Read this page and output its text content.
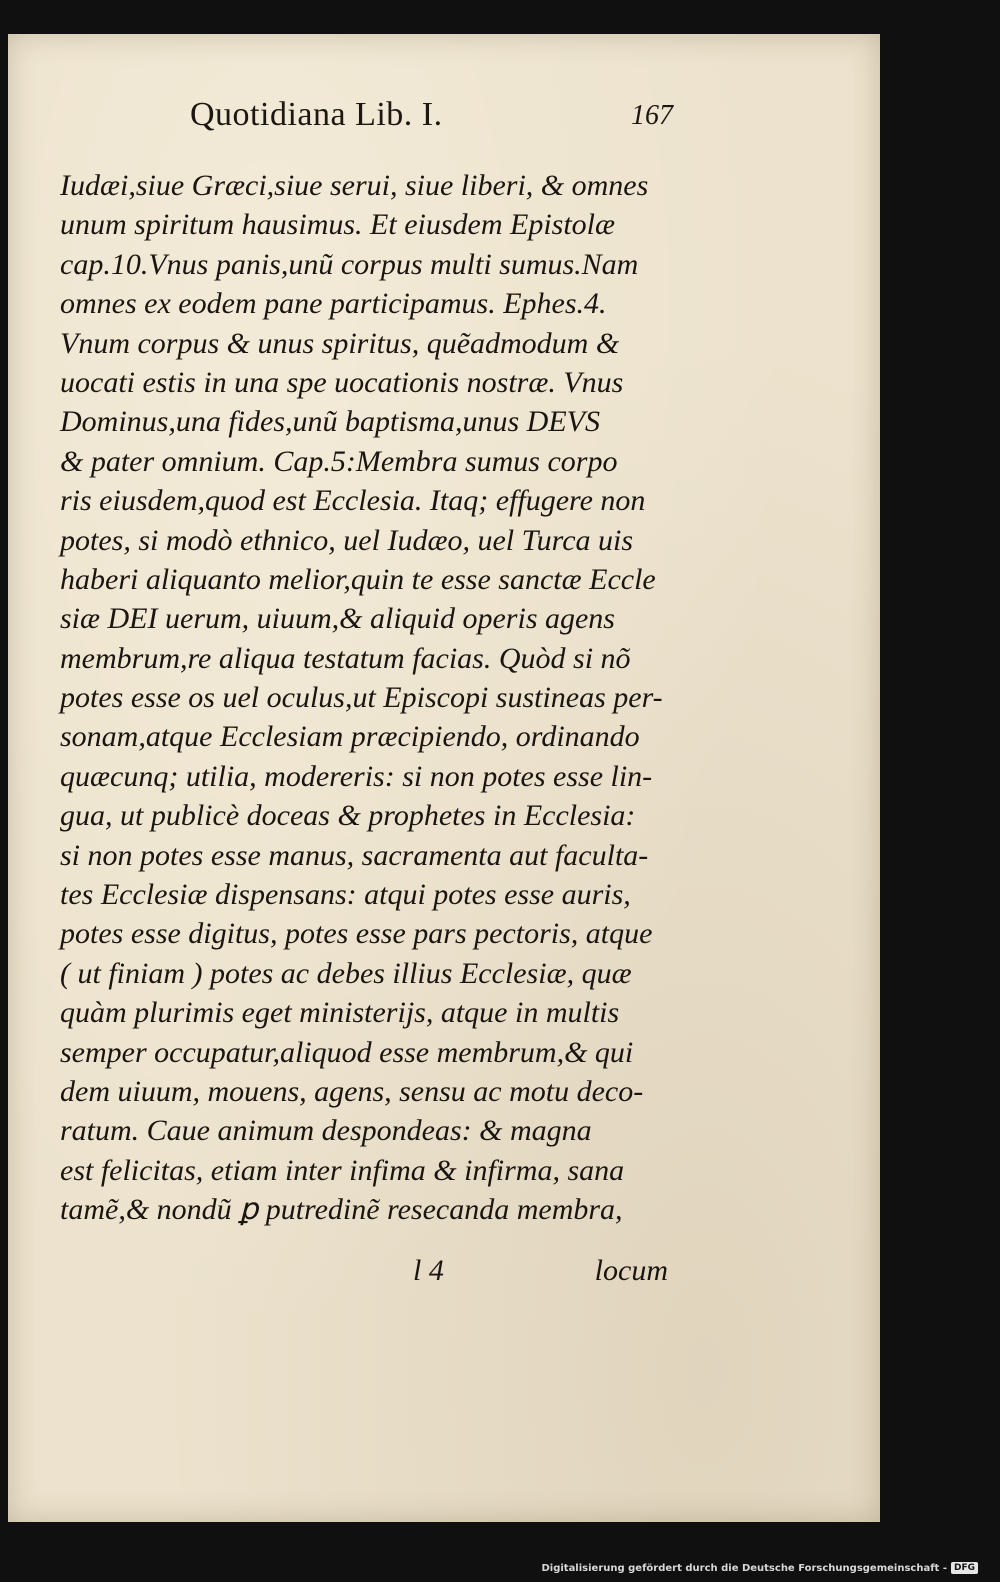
Quotidiana Lib. I.	167
Iudæi,siue Græci,siue serui, siue liberi, & omnes
unum spiritum hausimus. Et eiusdem Epistolæ
cap.10.Vnus panis,unũ corpus multi sumus.Nam
omnes ex eodem pane participamus. Ephes.4.
Vnum corpus & unus spiritus, quẽadmodum &
uocati estis in una spe uocationis nostræ. Vnus
Dominus,una fides,unũ baptisma,unus DEVS
& pater omnium. Cap.5:Membra sumus corpo
ris eiusdem,quod est Ecclesia. Itaq; effugere non
potes, si modò ethnico, uel Iudæo, uel Turca uis
haberi aliquanto melior,quin te esse sanctæ Eccle
siæ DEI uerum, uiuum,& aliquid operis agens
membrum,re aliqua testatum facias. Quòd si nõ
potes esse os uel oculus,ut Episcopi sustineas per-
sonam,atque Ecclesiam præcipiendo, ordinando
quæcunq; utilia, modereris: si non potes esse lin-
gua, ut publicè doceas & prophetes in Ecclesia:
si non potes esse manus, sacramenta aut faculta-
tes Ecclesiæ dispensans: atqui potes esse auris,
potes esse digitus, potes esse pars pectoris, atque
( ut finiam ) potes ac debes illius Ecclesiæ, quæ
quàm plurimis eget ministerijs, atque in multis
semper occupatur,aliquod esse membrum,& qui
dem uiuum, mouens, agens, sensu ac motu deco-
ratum. Caue animum despondeas: & magna
est felicitas, etiam inter infima & infirma, sana
tamẽ,& nondũ ꝑ putredinẽ resecanda membra,
l 4	locum
Digitalisierung gefördert durch die Deutsche Forschungsgemeinschaft - DFG
